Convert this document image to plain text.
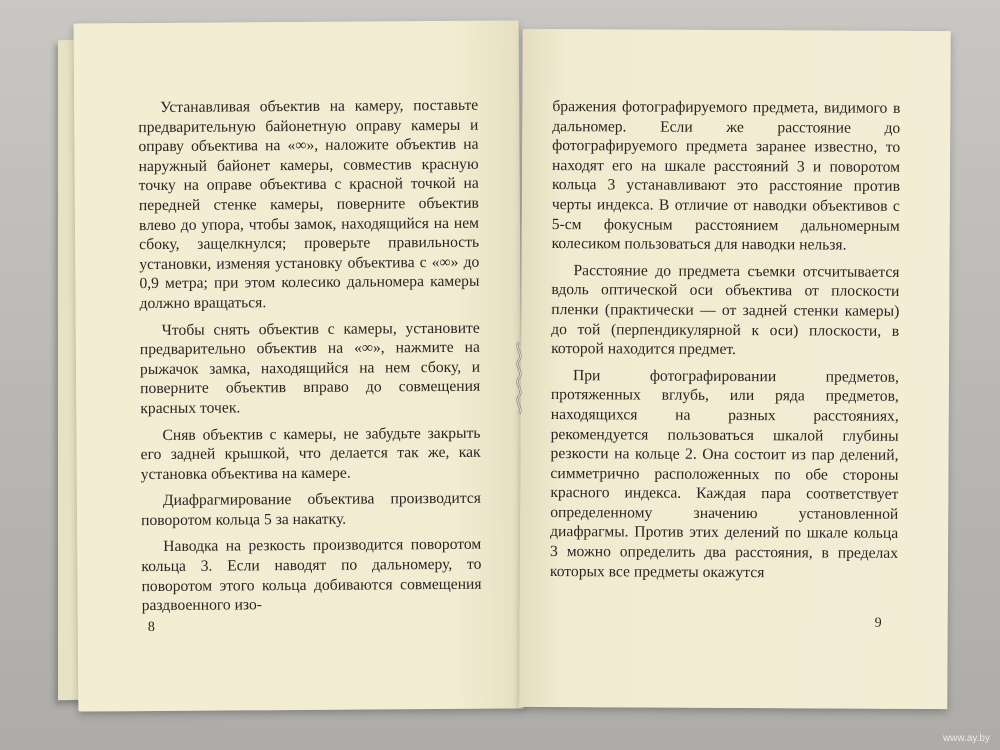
Устанавливая объектив на камеру, поставьте предварительную байонетную оправу камеры и оправу объектива на «∞», наложите объектив на наружный байонет камеры, совместив красную точку на оправе объектива с красной точкой на передней стенке камеры, поверните объектив влево до упора, чтобы замок, находящийся на нем сбоку, защелкнулся; проверьте правильность установки, изменяя установку объектива с «∞» до 0,9 метра; при этом колесико дальномера камеры должно вращаться.

Чтобы снять объектив с камеры, установите предварительно объектив на «∞», нажмите на рыжачок замка, находящийся на нем сбоку, и поверните объектив вправо до совмещения красных точек.

Сняв объектив с камеры, не забудьте закрыть его задней крышкой, что делается так же, как установка объектива на камере.

Диафрагмирование объектива производится поворотом кольца 5 за накатку.

Наводка на резкость производится поворотом кольца 3. Если наводят по дальномеру, то поворотом этого кольца добиваются совмещения раздвоенного изо-

8

бражения фотографируемого предмета, видимого в дальномер. Если же расстояние до фотографируемого предмета заранее известно, то находят его на шкале расстояний 3 и поворотом кольца 3 устанавливают это расстояние против черты индекса. В отличие от наводки объективов с 5-см фокусным расстоянием дальномерным колесиком пользоваться для наводки нельзя.

Расстояние до предмета съемки отсчитывается вдоль оптической оси объектива от плоскости пленки (практически — от задней стенки камеры) до той (перпендикулярной к оси) плоскости, в которой находится предмет.

При фотографировании предметов, протяженных вглубь, или ряда предметов, находящихся на разных расстояниях, рекомендуется пользоваться шкалой глубины резкости на кольце 2. Она состоит из пар делений, симметрично расположенных по обе стороны красного индекса. Каждая пара соответствует определенному значению установленной диафрагмы. Против этих делений по шкале кольца 3 можно определить два расстояния, в пределах которых все предметы окажутся

9
www.ay.by
